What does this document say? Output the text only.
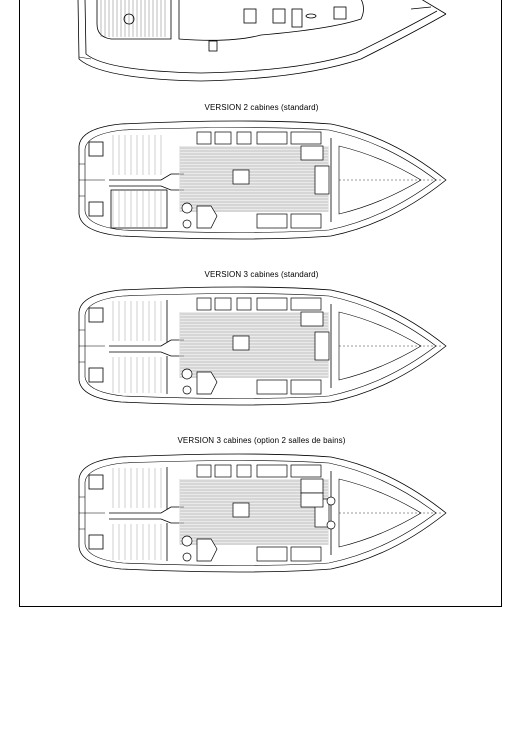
VERSION 2 cabines (standard)
VERSION 3 cabines (standard)
VERSION 3 cabines (option 2 salles de bains)
